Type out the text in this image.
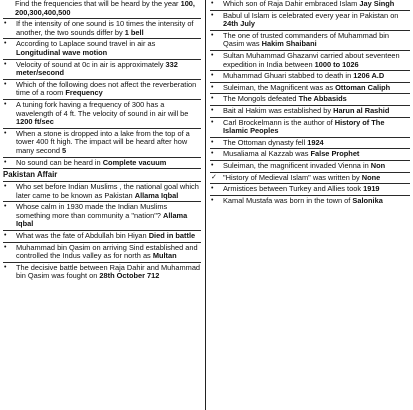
Find the frequencies that will be heard by the year 100, 200,300,400,500
• If the intensity of one sound is 10 times the intensity of another, the two sounds differ by 1 bell
• According to Laplace sound travel in air as Longitudinal wave motion
• Velocity of sound at 0c in air is approximately 332 meter/second
• Which of the following does not affect the reverberation time of a room Frequency
• A tuning fork having a frequency of 300 has a wavelength of 4 ft. The velocity of sound in air will be 1200 ft/sec
• When a stone is dropped into a lake from the top of a tower 400 ft high. The impact will be heard after how many second 5
• No sound can be heard in Complete vacuum
Pakistan Affair
• Who set before Indian Muslims , the national goal which later came to be known as Pakistan Allama Iqbal
• Whose calm in 1930 made the Indian Muslims something more than community a "nation"? Allama Iqbal
• What was the fate of Abdullah bin Hiyan Died in battle
• Muhammad bin Qasim on arriving Sind established and controlled the Indus valley as for north as Multan
• The decisive battle between Raja Dahir and Muhammad bin Qasim was fought on 28th October 712
• Which son of Raja Dahir embraced Islam Jay Singh
• Babul ul Islam is celebrated every year in Pakistan on 24th July
• The one of trusted commanders of Muhammad bin Qasim was Hakim Shaibani
• Sultan Muhammad Ghazanvi carried about seventeen expedition in India between 1000 to 1026
• Muhammad Ghuari stabbed to death in 1206 A.D
• Suleiman, the Magnificent was as Ottoman Caliph
• The Mongols defeated The Abbasids
• Bait al Hakim was established by Harun al Rashid
• Carl Brockelmann is the author of History of The Islamic Peoples
• The Ottoman dynasty fell 1924
• Musaliama al Kazzab was False Prophet
• Suleiman, the magnificent invaded Vienna in Non
✓ "History of Medieval Islam" was written by None
• Armistices between Turkey and Allies took 1919
• Kamal Mustafa was born in the town of Salonika
